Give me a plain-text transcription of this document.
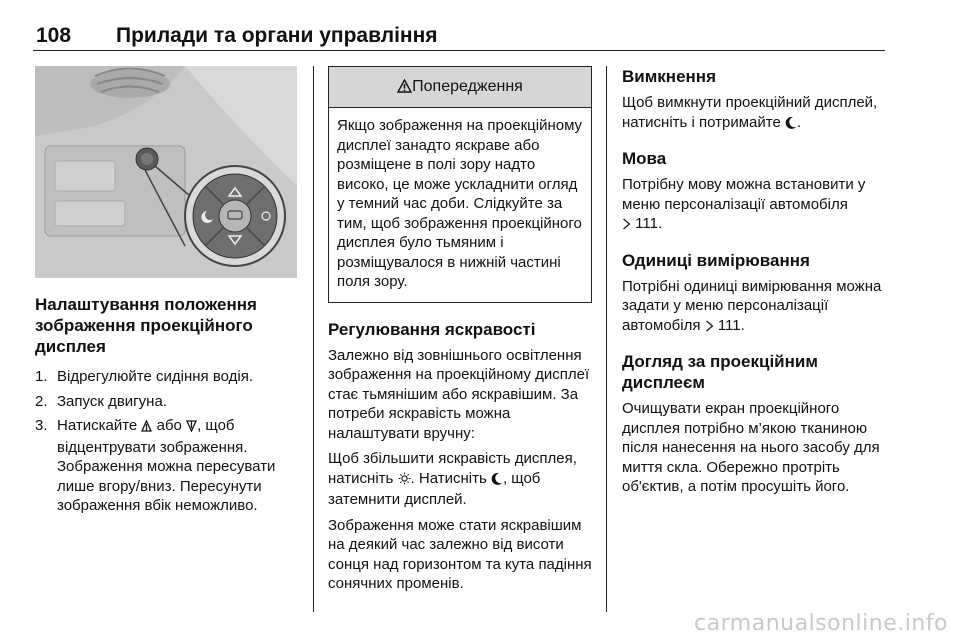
108 Прилади та органи управління
Налаштування положення зображення проекційного дисплея
1. Відрегулюйте сидіння водія.
2. Запуск двигуна.
3. Натискайте або , щоб відцентрувати зображення. Зображення можна пересувати лише вгору/вниз. Пересунути зображення вбік неможливо.
Попередження

Якщо зображення на проекційному дисплеї занадто яскраве або розміщене в полі зору надто високо, це може ускладнити огляд у темний час доби. Слідкуйте за тим, щоб зображення проекційного дисплея було тьмяним і розміщувалося в нижній частині поля зору.

Регулювання яскравості

Залежно від зовнішнього освітлення зображення на проекційному дисплеї стає тьмянішим або яскравішим. За потреби яскравість можна налаштувати вручну:

Щоб збільшити яскравість дисплея, натисніть . Натисніть , щоб затемнити дисплей.

Зображення може стати яскравішим на деякий час залежно від висоти сонця над горизонтом та кута падіння сонячних променів.

Вимкнення

Щоб вимкнути проекційний дисплей, натисніть і потримайте .

Мова

Потрібну мову можна встановити у меню персоналізації автомобіля
111.

Одиниці вимірювання

Потрібні одиниці вимірювання можна задати у меню персоналізації автомобіля 111.

Догляд за проекційним дисплеєм

Очищувати екран проекційного дисплея потрібно м’якою тканиною після нанесення на нього засобу для миття скла. Обережно протріть об'єктив, а потім просушіть його.

carmanualsonline.info
